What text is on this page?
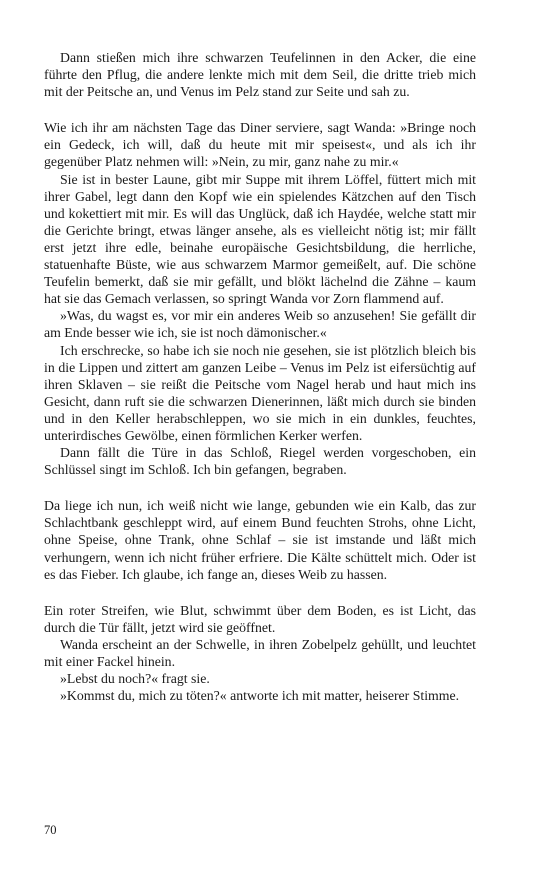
Dann stießen mich ihre schwarzen Teufelinnen in den Acker, die eine führte den Pflug, die andere lenkte mich mit dem Seil, die dritte trieb mich mit der Peitsche an, und Venus im Pelz stand zur Seite und sah zu.

Wie ich ihr am nächsten Tage das Diner serviere, sagt Wanda: »Bringe noch ein Gedeck, ich will, daß du heute mit mir speisest«, und als ich ihr gegenüber Platz nehmen will: »Nein, zu mir, ganz nahe zu mir.«

Sie ist in bester Laune, gibt mir Suppe mit ihrem Löffel, füttert mich mit ihrer Gabel, legt dann den Kopf wie ein spielendes Kätzchen auf den Tisch und kokettiert mit mir. Es will das Unglück, daß ich Haydée, welche statt mir die Gerichte bringt, etwas länger ansehe, als es vielleicht nötig ist; mir fällt erst jetzt ihre edle, beinahe europäische Gesichtsbildung, die herrliche, statuenhafte Büste, wie aus schwarzem Marmor gemeißelt, auf. Die schöne Teufelin bemerkt, daß sie mir gefällt, und blökt lächelnd die Zähne – kaum hat sie das Gemach verlassen, so springt Wanda vor Zorn flammend auf.

»Was, du wagst es, vor mir ein anderes Weib so anzusehen! Sie gefällt dir am Ende besser wie ich, sie ist noch dämonischer.«

Ich erschrecke, so habe ich sie noch nie gesehen, sie ist plötzlich bleich bis in die Lippen und zittert am ganzen Leibe – Venus im Pelz ist eifersüchtig auf ihren Sklaven – sie reißt die Peitsche vom Nagel herab und haut mich ins Gesicht, dann ruft sie die schwarzen Dienerinnen, läßt mich durch sie binden und in den Keller herabschleppen, wo sie mich in ein dunkles, feuchtes, unterirdisches Gewölbe, einen förmlichen Kerker werfen.

Dann fällt die Türe in das Schloß, Riegel werden vorgeschoben, ein Schlüssel singt im Schloß. Ich bin gefangen, begraben.

Da liege ich nun, ich weiß nicht wie lange, gebunden wie ein Kalb, das zur Schlachtbank geschleppt wird, auf einem Bund feuchten Strohs, ohne Licht, ohne Speise, ohne Trank, ohne Schlaf – sie ist imstande und läßt mich verhungern, wenn ich nicht früher erfriere. Die Kälte schüttelt mich. Oder ist es das Fieber. Ich glaube, ich fange an, dieses Weib zu hassen.

Ein roter Streifen, wie Blut, schwimmt über dem Boden, es ist Licht, das durch die Tür fällt, jetzt wird sie geöffnet.

Wanda erscheint an der Schwelle, in ihren Zobelpelz gehüllt, und leuchtet mit einer Fackel hinein.

»Lebst du noch?« fragt sie.

»Kommst du, mich zu töten?« antworte ich mit matter, heiserer Stimme.

70
